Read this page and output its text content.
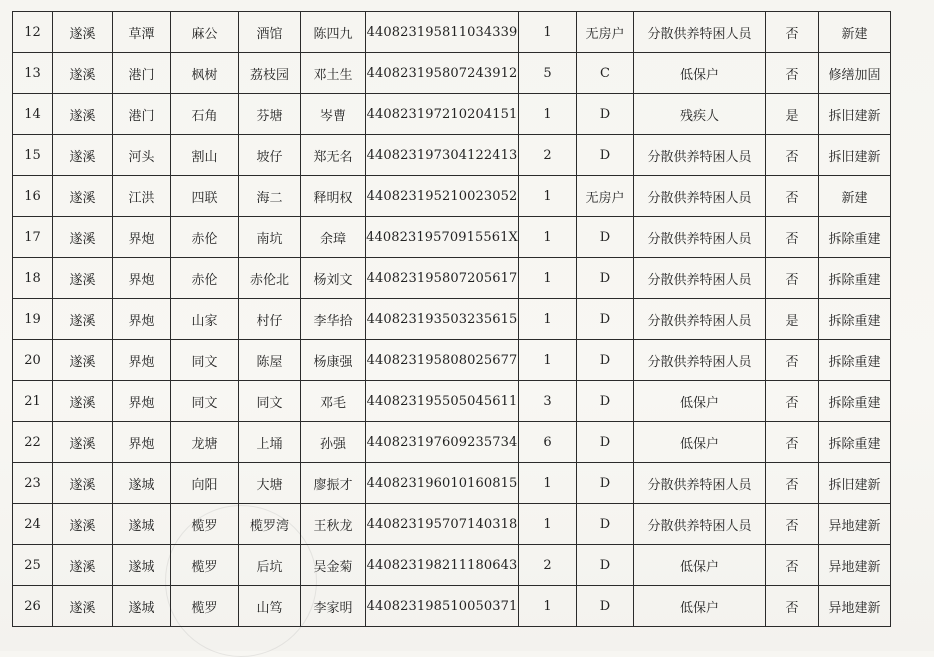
12	遂溪	草潭	麻公	酒馆	陈四九	440823195811034339	1	无房户	分散供养特困人员	否	新建
13	遂溪	港门	枫树	荔枝园	邓土生	440823195807243912	5	C	低保户	否	修缮加固
14	遂溪	港门	石角	芬塘	岑曹	440823197210204151	1	D	残疾人	是	拆旧建新
15	遂溪	河头	割山	坡仔	郑无名	440823197304122413	2	D	分散供养特困人员	否	拆旧建新
16	遂溪	江洪	四联	海二	释明权	440823195210023052	1	无房户	分散供养特困人员	否	新建
17	遂溪	界炮	赤伦	南坑	余璋	44082319570915561X	1	D	分散供养特困人员	否	拆除重建
18	遂溪	界炮	赤伦	赤伦北	杨刘文	440823195807205617	1	D	分散供养特困人员	否	拆除重建
19	遂溪	界炮	山家	村仔	李华拾	440823193503235615	1	D	分散供养特困人员	是	拆除重建
20	遂溪	界炮	同文	陈屋	杨康强	440823195808025677	1	D	分散供养特困人员	否	拆除重建
21	遂溪	界炮	同文	同文	邓毛	440823195505045611	3	D	低保户	否	拆除重建
22	遂溪	界炮	龙塘	上埇	孙强	440823197609235734	6	D	低保户	否	拆除重建
23	遂溪	遂城	向阳	大塘	廖振才	440823196010160815	1	D	分散供养特困人员	否	拆旧建新
24	遂溪	遂城	榄罗	榄罗湾	王秋龙	440823195707140318	1	D	分散供养特困人员	否	异地建新
25	遂溪	遂城	榄罗	后坑	吴金菊	440823198211180643	2	D	低保户	否	异地建新
26	遂溪	遂城	榄罗	山笃	李家明	440823198510050371	1	D	低保户	否	异地建新
